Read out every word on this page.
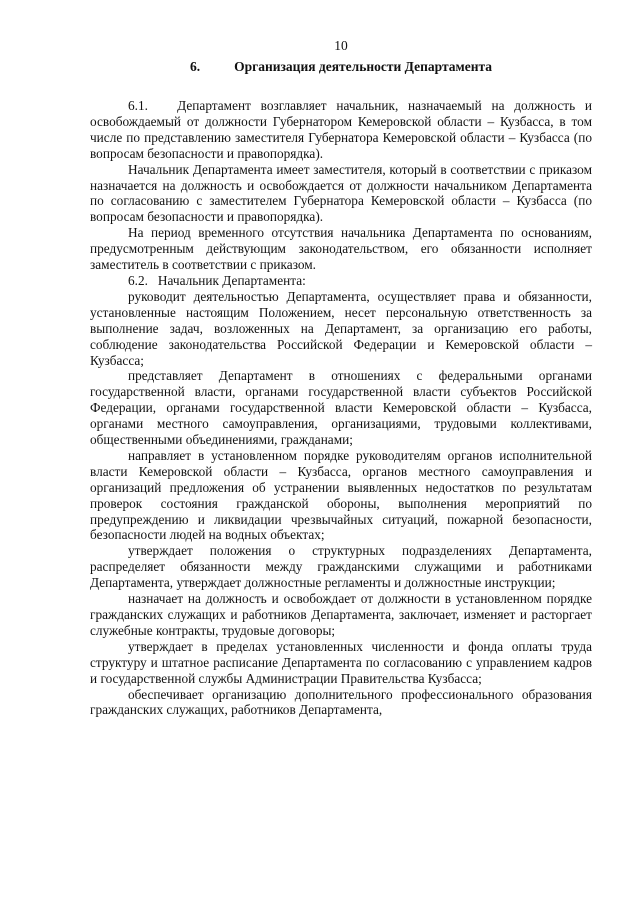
10
6.	Организация деятельности Департамента

6.1.   Департамент возглавляет начальник, назначаемый на должность и освобождаемый от должности Губернатором Кемеровской области – Кузбасса, в том числе по представлению заместителя Губернатора Кемеровской области – Кузбасса (по вопросам безопасности и правопорядка).

Начальник Департамента имеет заместителя, который в соответствии с приказом назначается на должность и освобождается от должности начальником Департамента по согласованию с заместителем Губернатора Кемеровской области – Кузбасса (по вопросам безопасности и правопорядка).

На период временного отсутствия начальника Департамента по основаниям, предусмотренным действующим законодательством, его обязанности исполняет заместитель в соответствии с приказом.

6.2.   Начальник Департамента:

руководит деятельностью Департамента, осуществляет права и обязанности, установленные настоящим Положением, несет персональную ответственность за выполнение задач, возложенных на Департамент, за организацию его работы, соблюдение законодательства Российской Федерации и Кемеровской области – Кузбасса;

представляет Департамент в отношениях с федеральными органами государственной власти, органами государственной власти субъектов Российской Федерации, органами государственной власти Кемеровской области – Кузбасса, органами местного самоуправления, организациями, трудовыми коллективами, общественными объединениями, гражданами;

направляет в установленном порядке руководителям органов исполнительной власти Кемеровской области – Кузбасса, органов местного самоуправления и организаций предложения об устранении выявленных недостатков по результатам проверок состояния гражданской обороны, выполнения мероприятий по предупреждению и ликвидации чрезвычайных ситуаций, пожарной безопасности, безопасности людей на водных объектах;

утверждает положения о структурных подразделениях Департамента, распределяет обязанности между гражданскими служащими и работниками Департамента, утверждает должностные регламенты и должностные инструкции;

назначает на должность и освобождает от должности в установленном порядке гражданских служащих и работников Департамента, заключает, изменяет и расторгает служебные контракты, трудовые договоры;

утверждает в пределах установленных численности и фонда оплаты труда структуру и штатное расписание Департамента по согласованию с управлением кадров и государственной службы Администрации Правительства Кузбасса;

обеспечивает организацию дополнительного профессионального образования гражданских служащих, работников Департамента,
